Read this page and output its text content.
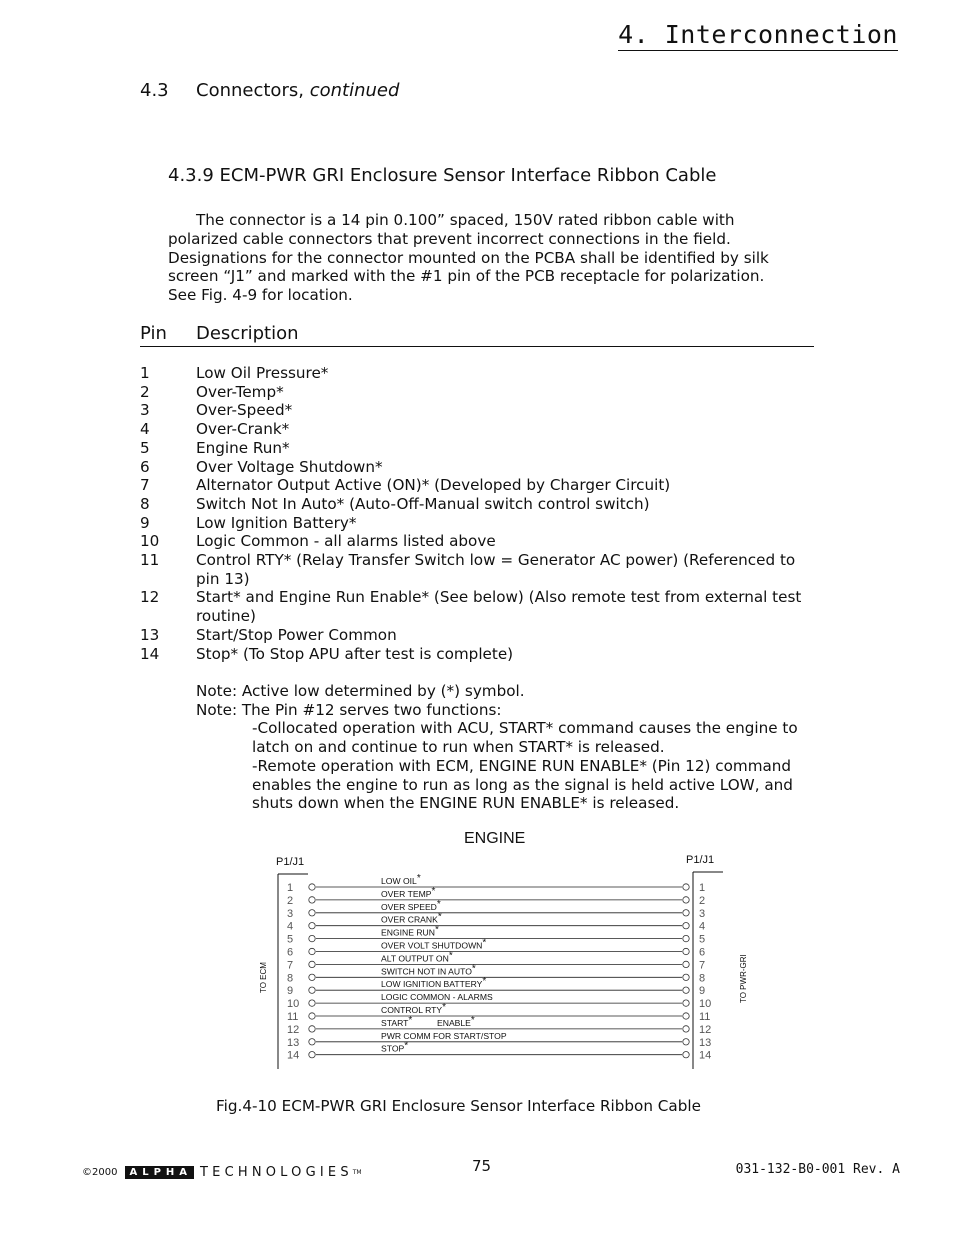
4. Interconnection
4.3 Connectors, continued
4.3.9 ECM-PWR GRI Enclosure Sensor Interface Ribbon Cable
The connector is a 14 pin 0.100” spaced, 150V rated ribbon cable with
polarized cable connectors that prevent incorrect connections in the field.
Designations for the connector mounted on the PCBA shall be identified by silk
screen “J1” and marked with the #1 pin of the PCB receptacle for polarization.
See Fig. 4-9 for location.
Pin Description
1	Low Oil Pressure*
2	Over-Temp*
3	Over-Speed*
4	Over-Crank*
5	Engine Run*
6	Over Voltage Shutdown*
7	Alternator Output Active (ON)* (Developed by Charger Circuit)
8	Switch Not In Auto* (Auto-Off-Manual switch control switch)
9	Low Ignition Battery*
10	Logic Common - all alarms listed above
11	Control RTY* (Relay Transfer Switch low = Generator AC power) (Referenced to pin 13)
12	Start* and Engine Run Enable* (See below) (Also remote test from external test routine)
13	Start/Stop Power Common
14	Stop* (To Stop APU after test is complete)
Note: Active low determined by (*) symbol.
Note: The Pin #12 serves two functions:
-Collocated operation with ACU, START* command causes the engine to latch on and continue to run when START* is released.
-Remote operation with ECM, ENGINE RUN ENABLE* (Pin 12) command enables the engine to run as long as the signal is held active LOW, and shuts down when the ENGINE RUN ENABLE* is released.
ENGINE
P1/J1	P1/J1
TO ECM	TO PWR-GRI
1	1
LOW OIL*
2	2
OVER TEMP*
3	3
OVER SPEED*
4	4
OVER CRANK*
5	5
ENGINE RUN*
6	6
OVER VOLT SHUTDOWN*
7	7
ALT OUTPUT ON*
8	8
SWITCH NOT IN AUTO*
9	9
LOW IGNITION BATTERY*
10	10
LOGIC COMMON - ALARMS
11	11
CONTROL RTY*
12	12
START*	ENABLE*
13	13
PWR COMM FOR START/STOP
14	14
STOP*
Fig.4-10 ECM-PWR GRI Enclosure Sensor Interface Ribbon Cable
©2000	ALPHA TECHNOLOGIES TM	75	031-132-B0-001 Rev. A
